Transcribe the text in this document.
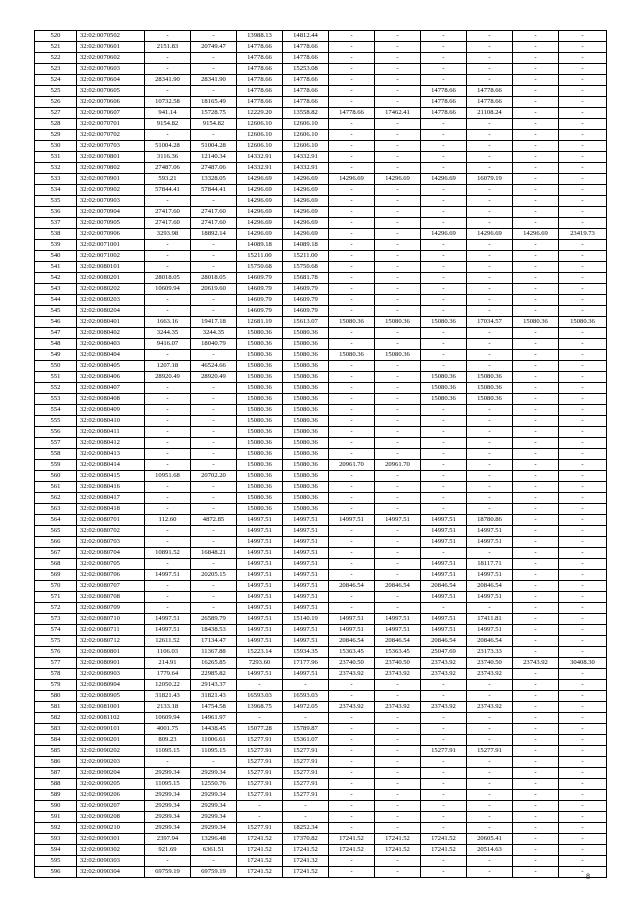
520	32:02:0070502	-	-	13988.13	14812.44	-	-	-	-	-	-
521	32:02:0070601	2151.83	20749.47	14778.66	14778.66	-	-	-	-	-	-
522	32:02:0070602	-	-	14778.66	14778.66	-	-	-	-	-	-
523	32:02:0070603	-	-	14778.66	15253.08	-	-	-	-	-	-
524	32:02:0070604	28341.90	28341.90	14778.66	14778.66	-	-	-	-	-	-
525	32:02:0070605	-	-	14778.66	14778.66	-	-	14778.66	14778.66	-	-
526	32:02:0070606	10732.58	18165.49	14778.66	14778.66	-	-	14778.66	14778.66	-	-
527	32:02:0070607	941.14	15728.75	12229.20	13558.82	14778.66	17462.41	14778.66	21108.24	-	-
528	32:02:0070701	9154.82	9154.82	12606.10	12606.10	-	-	-	-	-	-
529	32:02:0070702	-	-	12606.10	12606.10	-	-	-	-	-	-
530	32:02:0070703	51004.28	51004.28	12606.10	12606.10	-	-	-	-	-	-
531	32:02:0070801	3116.36	12140.34	14332.91	14332.91	-	-	-	-	-	-
532	32:02:0070802	27487.06	27487.06	14332.91	14332.91	-	-	-	-	-	-
533	32:02:0070901	593.21	13328.05	14296.69	14296.69	14296.69	14296.69	14296.69	16079.19	-	-
534	32:02:0070902	57844.41	57844.41	14296.69	14296.69	-	-	-	-	-	-
535	32:02:0070903	-	-	14296.69	14296.69	-	-	-	-	-	-
536	32:02:0070904	27417.60	27417.60	14296.69	14296.69	-	-	-	-	-	-
537	32:02:0070905	27417.60	27417.60	14296.69	14296.69	-	-	-	-	-	-
538	32:02:0070906	3293.98	18892.14	14296.69	14296.69	-	-	14296.69	14296.69	14296.69	23419.73
539	32:02:0071001	-	-	14089.18	14089.18	-	-	-	-	-	-
540	32:02:0071002	-	-	15211.00	15211.00	-	-	-	-	-	-
541	32:02:0080101	-	-	15750.68	15750.68	-	-	-	-	-	-
542	32:02:0080201	28018.05	28018.05	14609.79	15681.78	-	-	-	-	-	-
543	32:02:0080202	10609.94	20619.60	14609.79	14609.79	-	-	-	-	-	-
544	32:02:0080203	-	-	14609.79	14609.79	-	-	-	-	-	-
545	32:02:0080204	-	-	14609.79	14609.79	-	-	-	-	-	-
546	32:02:0080401	1663.16	19417.18	12681.19	15613.07	15080.36	15080.36	15080.36	17034.57	15080.36	15080.36
547	32:02:0080402	3244.35	3244.35	15080.36	15080.36	-	-	-	-	-	-
548	32:02:0080403	9416.07	18040.79	15080.36	15080.36	-	-	-	-	-	-
549	32:02:0080404	-	-	15080.36	15080.36	15080.36	15080.36	-	-	-	-
550	32:02:0080405	1207.18	46524.66	15080.36	15080.36	-	-	-	-	-	-
551	32:02:0080406	28920.49	28920.49	15080.36	15080.36	-	-	15080.36	15080.36	-	-
552	32:02:0080407	-	-	15080.36	15080.36	-	-	15080.36	15080.36	-	-
553	32:02:0080408	-	-	15080.36	15080.36	-	-	15080.36	15080.36	-	-
554	32:02:0080409	-	-	15080.36	15080.36	-	-	-	-	-	-
555	32:02:0080410	-	-	15080.36	15080.36	-	-	-	-	-	-
556	32:02:0080411	-	-	15080.36	15080.36	-	-	-	-	-	-
557	32:02:0080412	-	-	15080.36	15080.36	-	-	-	-	-	-
558	32:02:0080413	-	-	15080.36	15080.36	-	-	-	-	-	-
559	32:02:0080414	-	-	15080.36	15080.36	20961.70	20961.70	-	-	-	-
560	32:02:0080415	10951.68	20702.20	15080.36	15080.36	-	-	-	-	-	-
561	32:02:0080416	-	-	15080.36	15080.36	-	-	-	-	-	-
562	32:02:0080417	-	-	15080.36	15080.36	-	-	-	-	-	-
563	32:02:0080418	-	-	15080.36	15080.36	-	-	-	-	-	-
564	32:02:0080701	112.60	4872.85	14997.51	14997.51	14997.51	14997.51	14997.51	18780.86	-	-
565	32:02:0080702	-	-	14997.51	14997.51	-	-	14997.51	14997.51	-	-
566	32:02:0080703	-	-	14997.51	14997.51	-	-	14997.51	14997.51	-	-
567	32:02:0080704	10891.52	16848.21	14997.51	14997.51	-	-	-	-	-	-
568	32:02:0080705	-	-	14997.51	14997.51	-	-	14997.51	18117.71	-	-
569	32:02:0080706	14997.51	20205.15	14997.51	14997.51	-	-	14997.51	14997.51	-	-
570	32:02:0080707	-	-	14997.51	14997.51	20846.54	20846.54	20846.54	20846.54	-	-
571	32:02:0080708	-	-	14997.51	14997.51	-	-	14997.51	14997.51	-	-
572	32:02:0080709	-	-	14997.51	14997.51	-	-	-	-	-	-
573	32:02:0080710	14997.51	26589.79	14997.51	15140.19	14997.51	14997.51	14997.51	17411.81	-	-
574	32:02:0080711	14997.51	18438.53	14997.51	14997.51	14997.51	14997.51	14997.51	14997.51	-	-
575	32:02:0080712	12611.52	17134.47	14997.51	14997.51	20846.54	20846.54	20846.54	20846.54	-	-
576	32:02:0080801	1106.03	11367.88	15223.14	15934.35	15363.45	15363.45	25047.69	23173.33	-	-
577	32:02:0080901	214.91	16265.85	7293.60	17177.96	23740.50	23740.50	23743.92	23740.50	23743.92	30408.30
578	32:02:0080903	1779.64	22985.82	14997.51	14997.51	23743.92	23743.92	23743.92	23743.92	-	-
579	32:02:0080904	12050.22	29143.37	-	-	-	-	-	-	-	-
580	32:02:0080905	31821.43	31821.43	16593.03	16593.03	-	-	-	-	-	-
581	32:02:0081001	2133.18	14754.58	13968.75	14972.05	23743.92	23743.92	23743.92	23743.92	-	-
582	32:02:0081102	10609.94	14961.97	-	-	-	-	-	-	-	-
583	32:02:0090101	4001.75	14438.45	15077.28	15789.87	-	-	-	-	-	-
584	32:02:0090201	809.23	11006.61	15277.91	15361.07	-	-	-	-	-	-
585	32:02:0090202	11095.15	11095.15	15277.91	15277.91	-	-	15277.91	15277.91	-	-
586	32:02:0090203	-	-	15277.91	15277.91	-	-	-	-	-	-
587	32:02:0090204	29299.34	29299.34	15277.91	15277.91	-	-	-	-	-	-
588	32:02:0090205	11095.15	12550.76	15277.91	15277.91	-	-	-	-	-	-
589	32:02:0090206	29299.34	29299.34	15277.91	15277.91	-	-	-	-	-	-
590	32:02:0090207	29299.34	29299.34	-	-	-	-	-	-	-	-
591	32:02:0090208	29299.34	29299.34	-	-	-	-	-	-	-	-
592	32:02:0090210	29299.34	29299.34	15277.91	18252.34	-	-	-	-	-	-
593	32:02:0090301	2397.94	13296.48	17241.52	17370.82	17241.52	17241.52	17241.52	20605.41	-	-
594	32:02:0090302	921.69	6361.51	17241.52	17241.52	17241.52	17241.52	17241.52	20514.63	-	-
595	32:02:0090303	-	-	17241.52	17241.32	-	-	-	-	-	-
596	32:02:0090304	69759.19	69759.19	17241.52	17241.52	-	-	-	-	-	-
8
